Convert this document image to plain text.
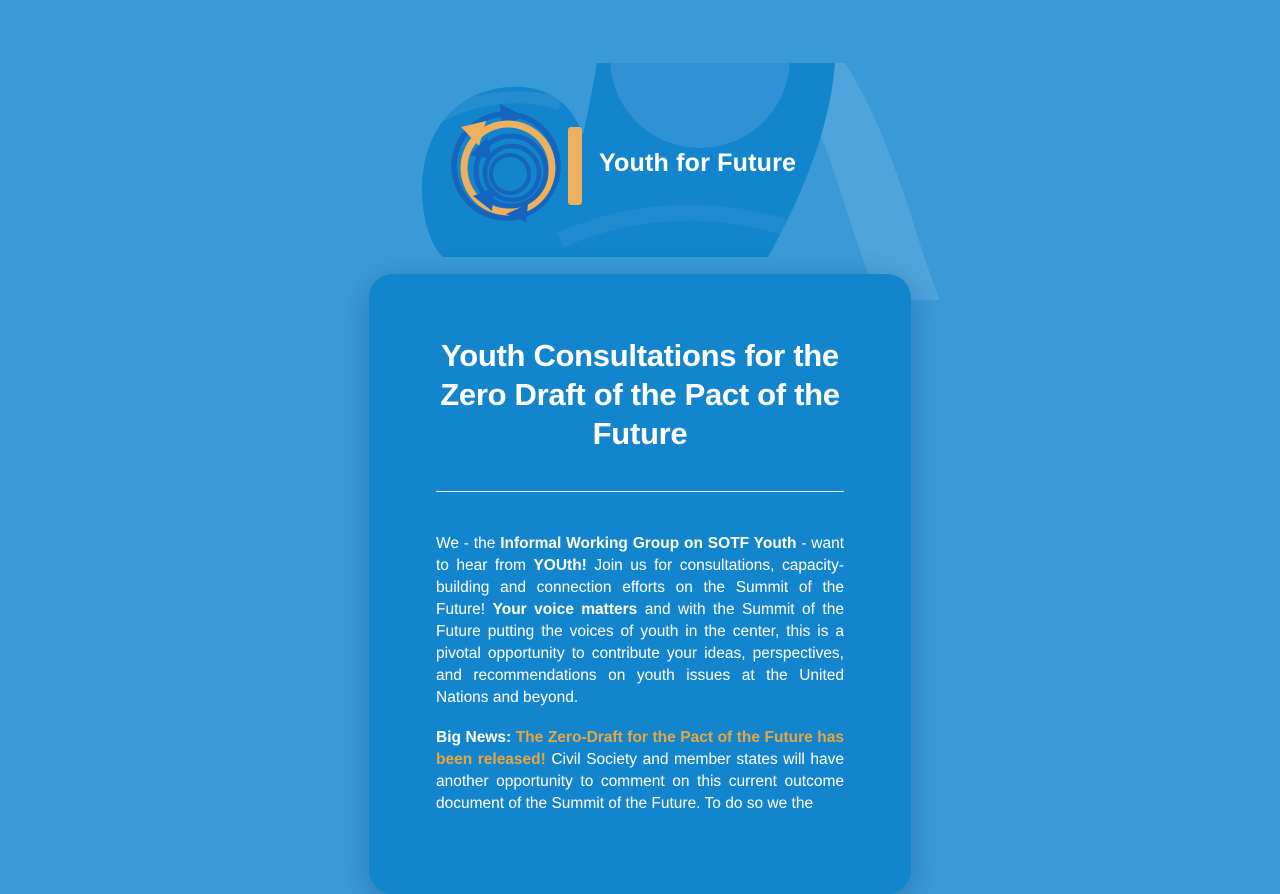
Youth for Future
Youth Consultations for the Zero Draft of the Pact of the Future

We - the Informal Working Group on SOTF Youth - want to hear from YOUth! Join us for consultations, capacity-building and connection efforts on the Summit of the Future! Your voice matters and with the Summit of the Future putting the voices of youth in the center, this is a pivotal opportunity to contribute your ideas, perspectives, and recommendations on youth issues at the United Nations and beyond.

Big News: The Zero-Draft for the Pact of the Future has been released! Civil Society and member states will have another opportunity to comment on this current outcome document of the Summit of the Future. To do so we the
